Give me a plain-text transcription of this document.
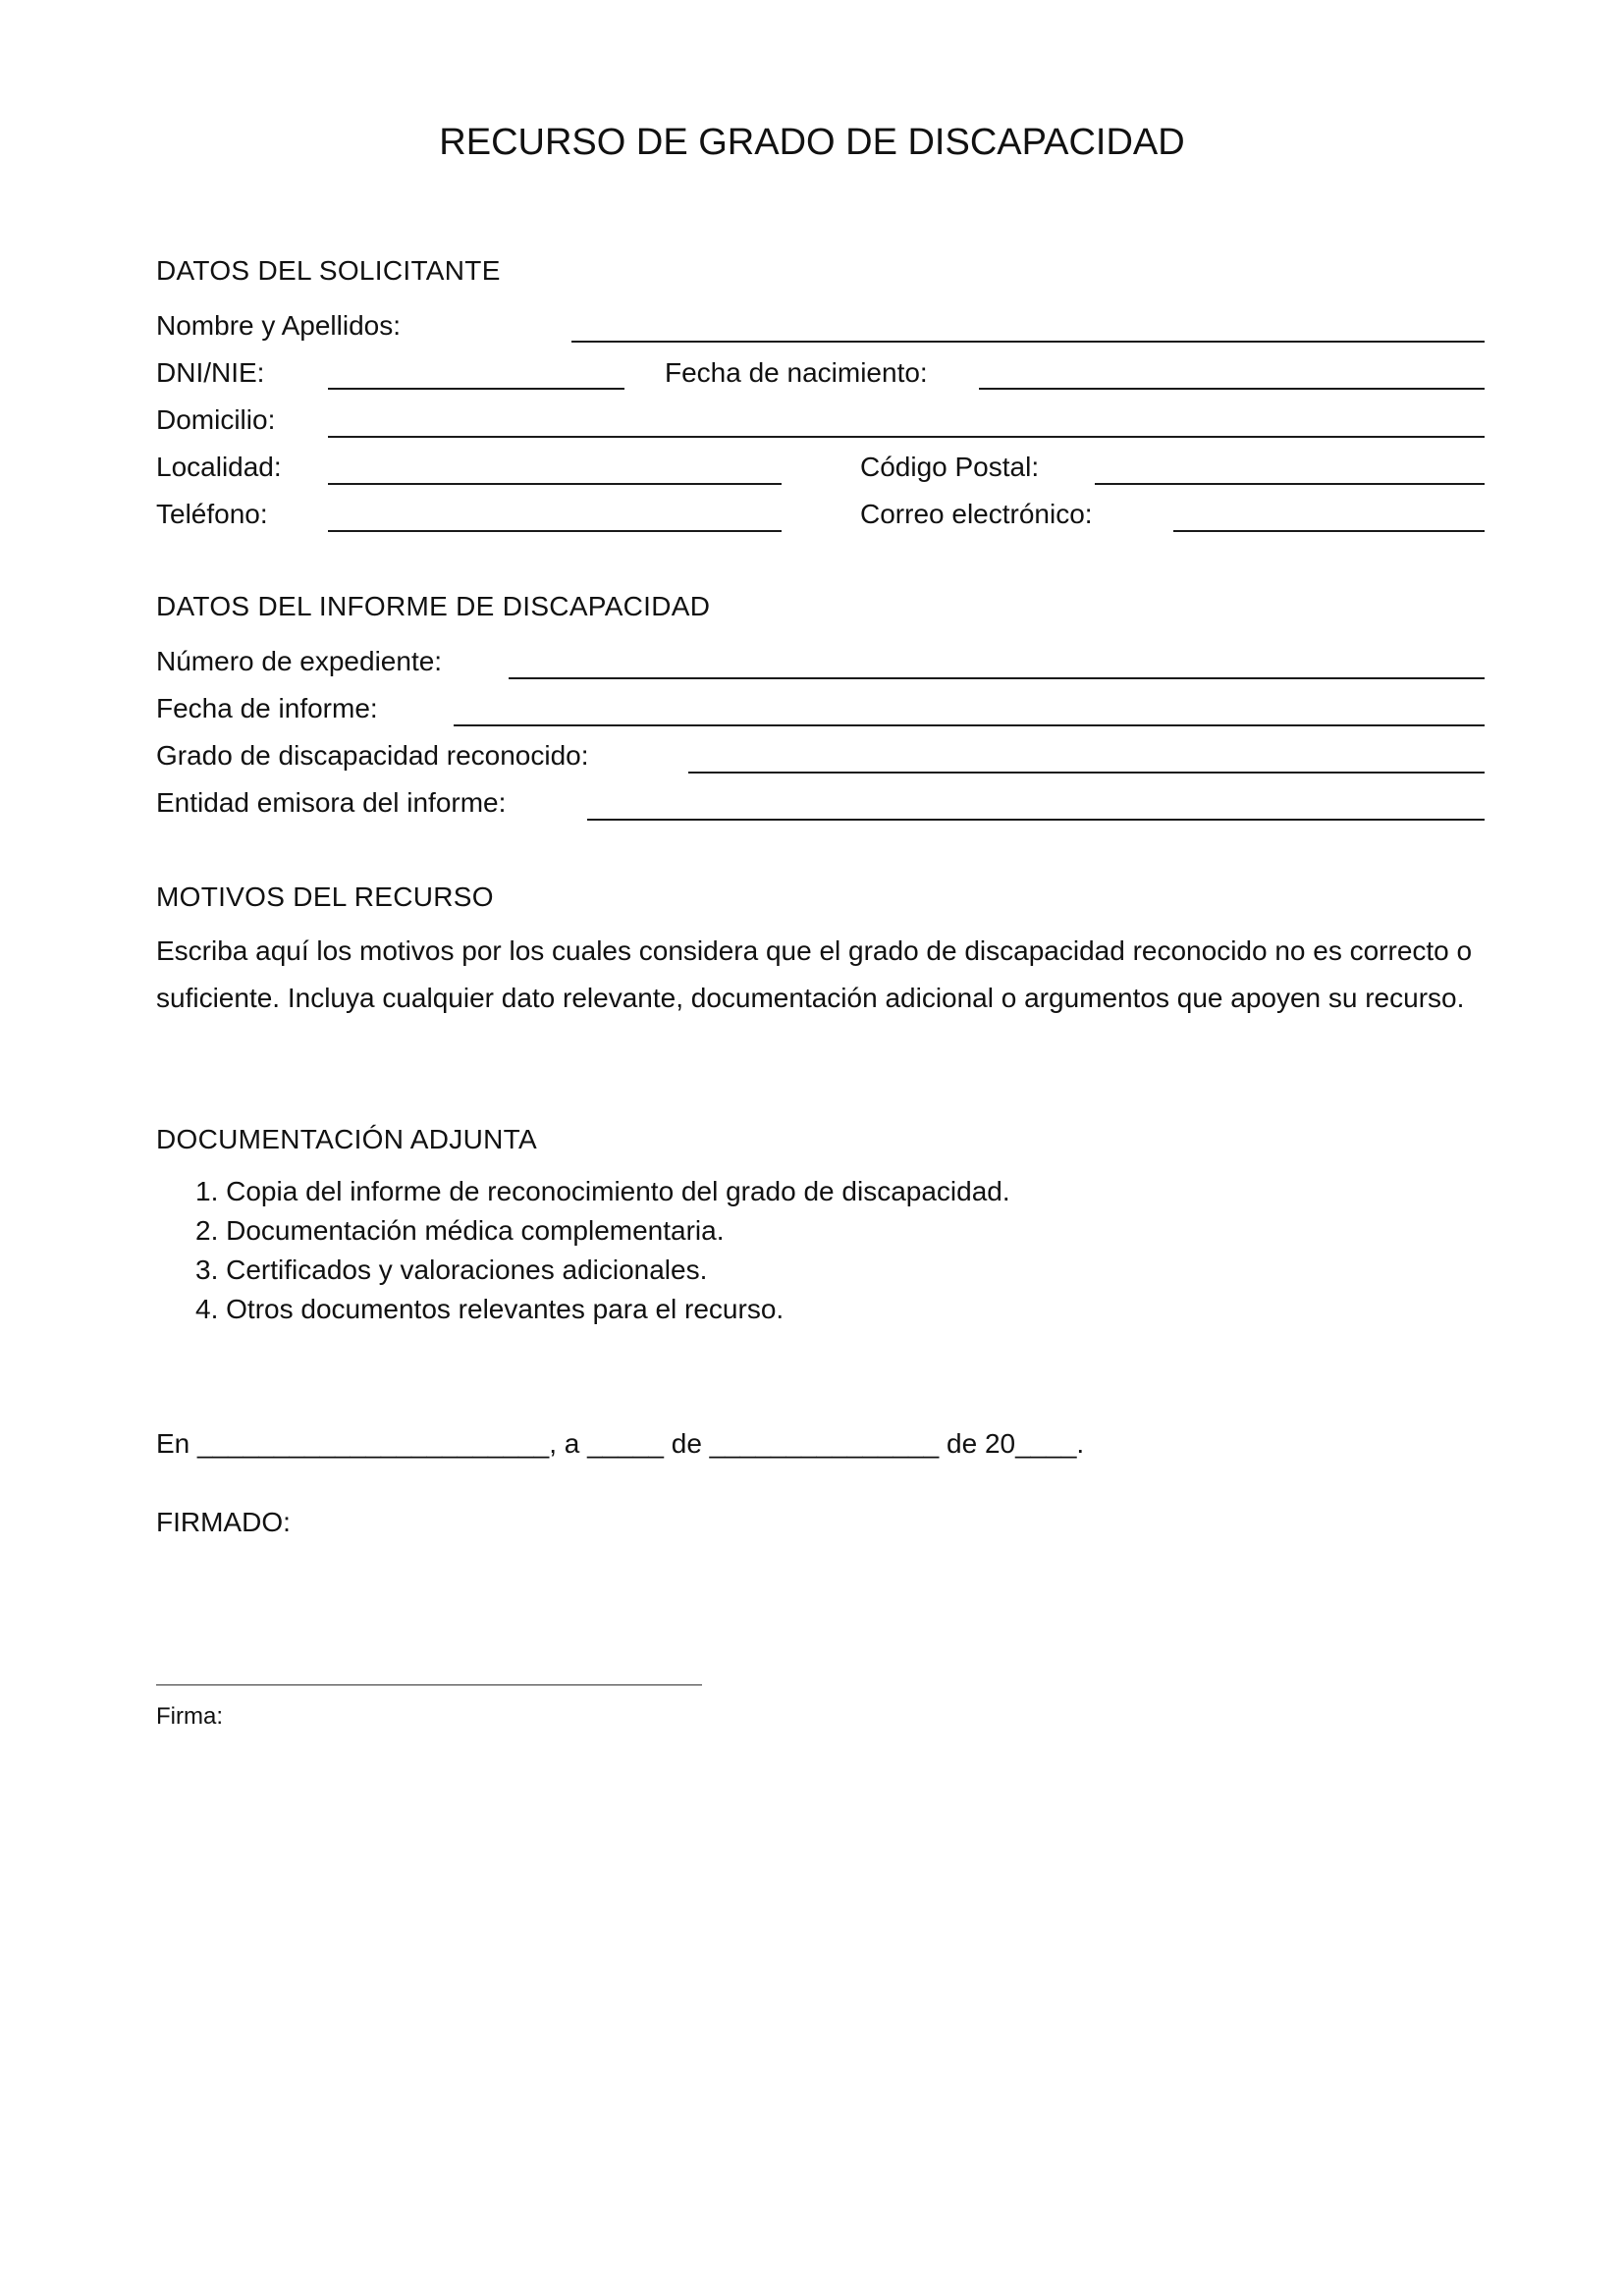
RECURSO DE GRADO DE DISCAPACIDAD
DATOS DEL SOLICITANTE
Nombre y Apellidos:
DNI/NIE:	Fecha de nacimiento:
Domicilio:
Localidad:	Código Postal:
Teléfono:	Correo electrónico:
DATOS DEL INFORME DE DISCAPACIDAD
Número de expediente:
Fecha de informe:
Grado de discapacidad reconocido:
Entidad emisora del informe:
MOTIVOS DEL RECURSO
Escriba aquí los motivos por los cuales considera que el grado de discapacidad reconocido no es correcto o suficiente. Incluya cualquier dato relevante, documentación adicional o argumentos que apoyen su recurso.
DOCUMENTACIÓN ADJUNTA
1. Copia del informe de reconocimiento del grado de discapacidad.
2. Documentación médica complementaria.
3. Certificados y valoraciones adicionales.
4. Otros documentos relevantes para el recurso.
En _______________________, a _____ de _______________ de 20____.
FIRMADO:
Firma:
